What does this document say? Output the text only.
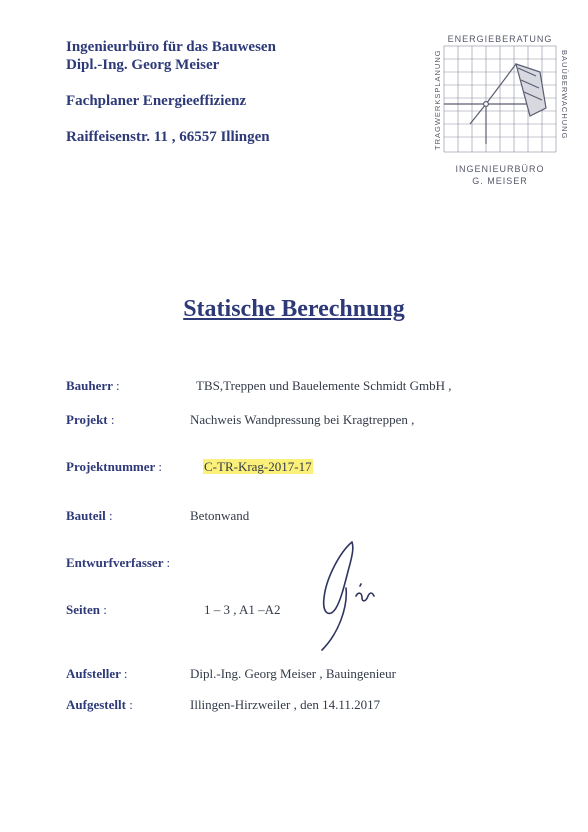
Ingenieurbüro für das Bauwesen
Dipl.-Ing. Georg Meiser
Fachplaner Energieeffizienz
Raiffeisenstr. 11 , 66557 Illingen
ENERGIEBERATUNG
TRAGWERKSPLANUNG	BAUÜBERWACHUNG
INGENIEURBÜRO
G. MEISER
Statische Berechnung
Bauherr :	TBS,Treppen und Bauelemente Schmidt GmbH ,
Projekt :	Nachweis Wandpressung bei Kragtreppen ,
Projektnummer :	C-TR-Krag-2017-17
Bauteil :	Betonwand
Entwurfverfasser :
Seiten :	1 – 3 , A1 –A2
Aufsteller :	Dipl.-Ing. Georg Meiser , Bauingenieur
Aufgestellt :	Illingen-Hirzweiler , den 14.11.2017
